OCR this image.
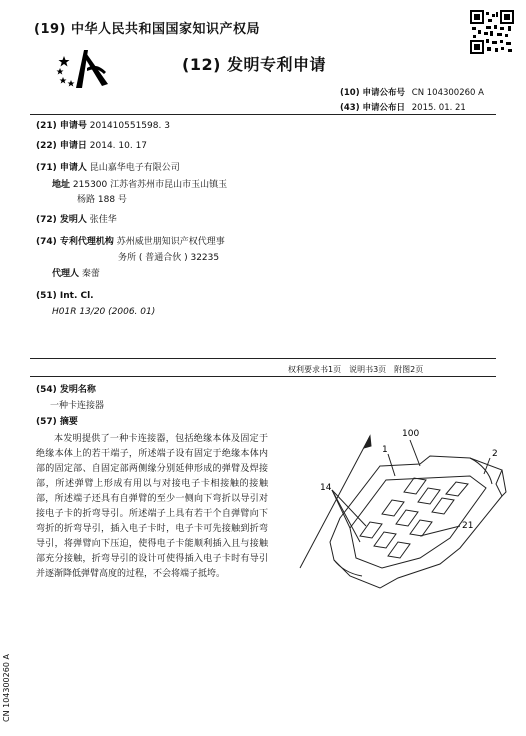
(19) 中华人民共和国国家知识产权局
(12) 发明专利申请
(10) 申请公布号 CN 104300260 A
(43) 申请公布日 2015. 01. 21
(21) 申请号 201410551598. 3
(22) 申请日 2014. 10. 17
(71) 申请人 昆山嘉华电子有限公司
地址 215300 江苏省苏州市昆山市玉山镇玉
杨路 188 号
(72) 发明人 张佳华
(74) 专利代理机构 苏州威世朋知识产权代理事
务所 ( 普通合伙 ) 32235
代理人 秦蕾
(51) Int. Cl.
H01R 13/20 (2006. 01)
权利要求书1页　说明书3页　附图2页
(54) 发明名称
一种卡连接器
(57) 摘要

本发明提供了一种卡连接器，包括绝缘本体及固定于绝缘本体上的若干端子，所述端子设有固定于绝缘本体内部的固定部、自固定部两侧缘分别延伸形成的弹臂及焊接部，所述弹臂上形成有用以与对接电子卡相接触的接触部，所述端子还具有自弹臂的至少一侧向下弯折以导引对接电子卡的折弯导引。所述端子上具有若干个自弹臂向下弯折的折弯导引，插入电子卡时，电子卡可先接触到折弯导引，将弹臂向下压迫，使得电子卡能顺利插入且与接触部充分接触，折弯导引的设计可使得插入电子卡时有导引并逐渐降低弹臂高度的过程，不会将端子抵垮。

100
1	2
14
21
CN 104300260 A
